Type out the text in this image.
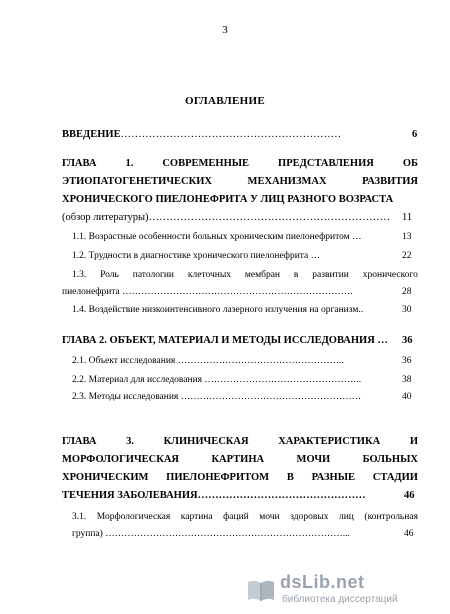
3
ОГЛАВЛЕНИЕ
ВВЕДЕНИЕ………………………………………………………	6
ГЛАВА	1.	СОВРЕМЕННЫЕ	ПРЕДСТАВЛЕНИЯ	ОБ
ЭТИОПАТОГЕНЕТИЧЕСКИХ	МЕХАНИЗМАХ	РАЗВИТИЯ
ХРОНИЧЕСКОГО ПИЕЛОНЕФРИТА У ЛИЦ РАЗНОГО ВОЗРАСТА
(обзор литературы)……………………………………………………………	11
1.1. Возрастные особенности больных хроническим пиелонефритом …	13
1.2. Трудности в диагностике хронического пиелонефрита …	22
1.3. Роль патологии клеточных мембран в развитии хронического
пиелонефрита ……………………………………………………………….	28
1.4. Воздействие низкоинтенсивного лазерного излучения на организм..	30
ГЛАВА 2. ОБЪЕКТ, МАТЕРИАЛ И МЕТОДЫ ИССЛЕДОВАНИЯ …	36
2.1. Объект исследования ……………………………………………..	36
2.2. Материал для исследования …………………………………………..	38
2.3. Методы исследования …………………………………………………	40
ГЛАВА	3.	КЛИНИЧЕСКАЯ	ХАРАКТЕРИСТИКА	И
МОРФОЛОГИЧЕСКАЯ	КАРТИНА	МОЧИ	БОЛЬНЫХ
ХРОНИЧЕСКИМ ПИЕЛОНЕФРИТОМ В РАЗНЫЕ СТАДИИ
ТЕЧЕНИЯ ЗАБОЛЕВАНИЯ…………………………………………	46
3.1. Морфологическая картина фаций мочи здоровых лиц (контрольная
группа) …………………………………………………………………...	46
dsLib.net
библиотека диссертаций
